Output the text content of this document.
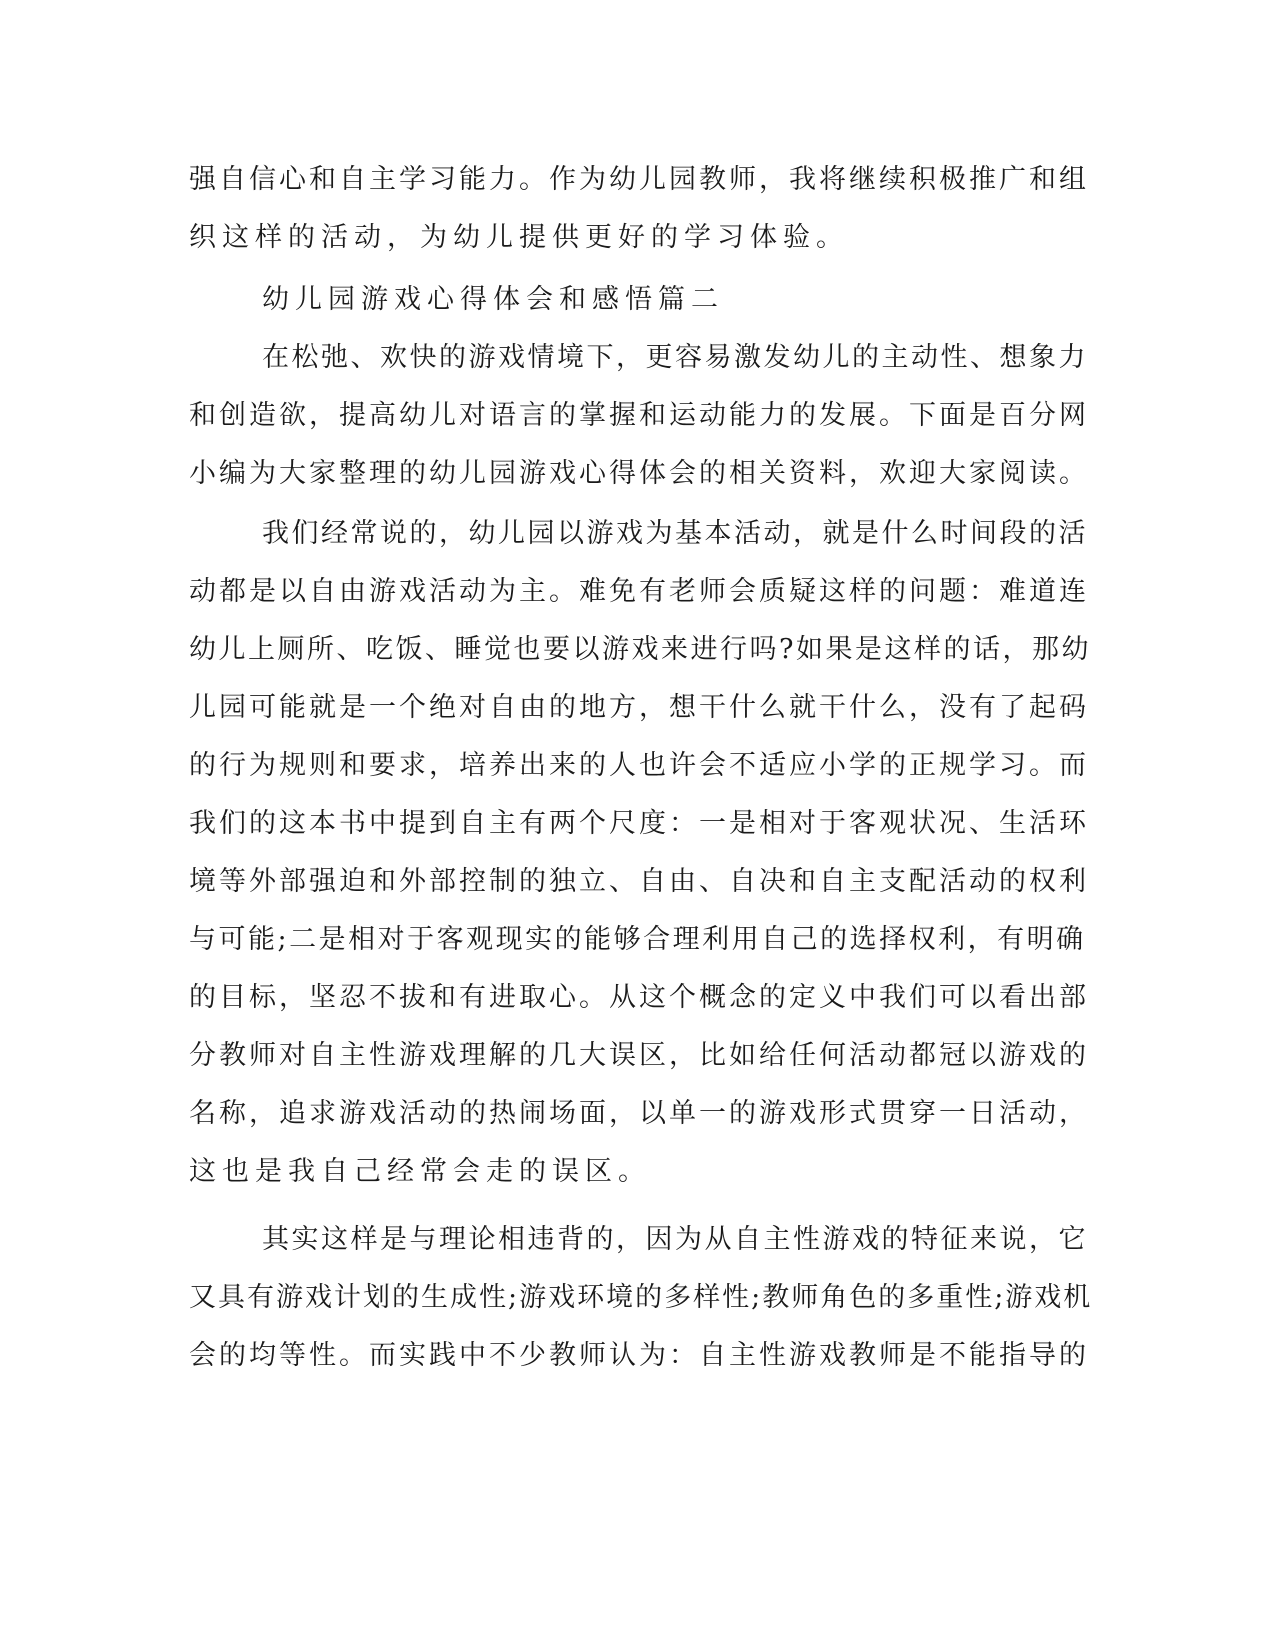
强自信心和自主学习能力。作为幼儿园教师，我将继续积极推广和组

织这样的活动，为幼儿提供更好的学习体验。

幼儿园游戏心得体会和感悟篇二

在松弛、欢快的游戏情境下，更容易激发幼儿的主动性、想象力

和创造欲，提高幼儿对语言的掌握和运动能力的发展。下面是百分网

小编为大家整理的幼儿园游戏心得体会的相关资料，欢迎大家阅读。

我们经常说的，幼儿园以游戏为基本活动，就是什么时间段的活

动都是以自由游戏活动为主。难免有老师会质疑这样的问题：难道连

幼儿上厕所、吃饭、睡觉也要以游戏来进行吗?如果是这样的话，那幼

儿园可能就是一个绝对自由的地方，想干什么就干什么，没有了起码

的行为规则和要求，培养出来的人也许会不适应小学的正规学习。而

我们的这本书中提到自主有两个尺度：一是相对于客观状况、生活环

境等外部强迫和外部控制的独立、自由、自决和自主支配活动的权利

与可能;二是相对于客观现实的能够合理利用自己的选择权利，有明确

的目标，坚忍不拔和有进取心。从这个概念的定义中我们可以看出部

分教师对自主性游戏理解的几大误区，比如给任何活动都冠以游戏的

名称，追求游戏活动的热闹场面，以单一的游戏形式贯穿一日活动，

这也是我自己经常会走的误区。

其实这样是与理论相违背的，因为从自主性游戏的特征来说，它

又具有游戏计划的生成性;游戏环境的多样性;教师角色的多重性;游戏机

会的均等性。而实践中不少教师认为：自主性游戏教师是不能指导的
